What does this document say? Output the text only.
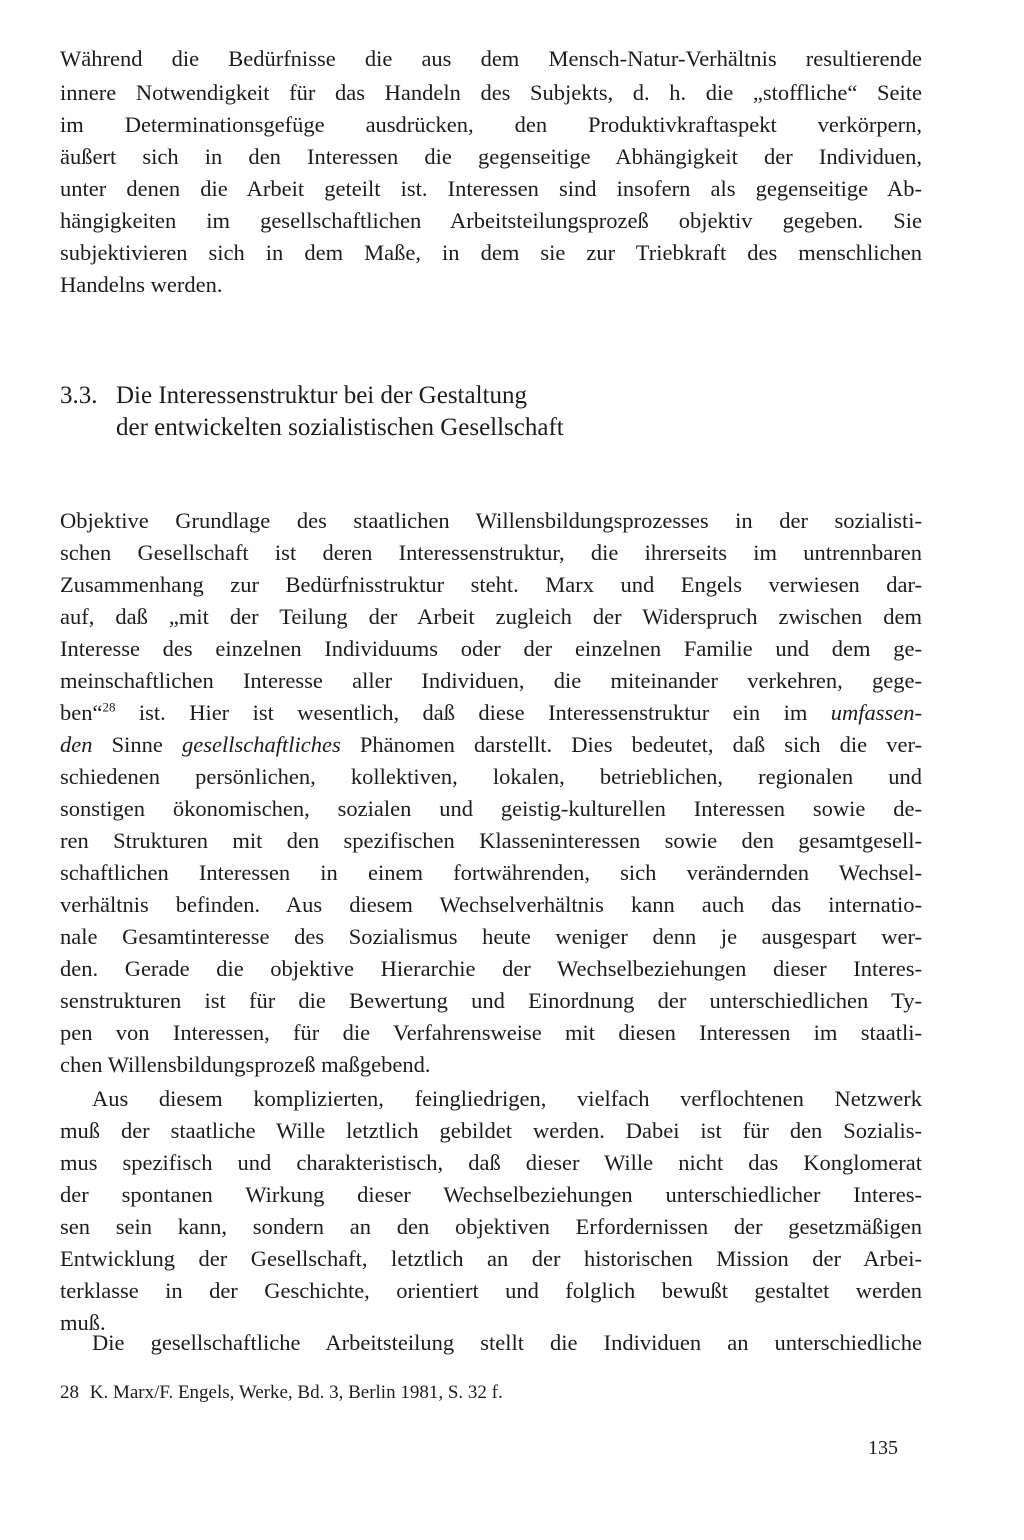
Während die Bedürfnisse die aus dem Mensch-Natur-Verhältnis resultierende
innere Notwendigkeit für das Handeln des Subjekts, d. h. die „stoffliche“ Seite
im Determinationsgefüge ausdrücken, den Produktivkraftaspekt verkörpern,
äußert sich in den Interessen die gegenseitige Abhängigkeit der Individuen,
unter denen die Arbeit geteilt ist. Interessen sind insofern als gegenseitige Ab-
hängigkeiten im gesellschaftlichen Arbeitsteilungsprozeß objektiv gegeben. Sie
subjektivieren sich in dem Maße, in dem sie zur Triebkraft des menschlichen
Handelns werden.
3.3. Die Interessenstruktur bei der Gestaltung
der entwickelten sozialistischen Gesellschaft
Objektive Grundlage des staatlichen Willensbildungsprozesses in der sozialisti-
schen Gesellschaft ist deren Interessenstruktur, die ihrerseits im untrennbaren
Zusammenhang zur Bedürfnisstruktur steht. Marx und Engels verwiesen dar-
auf, daß „mit der Teilung der Arbeit zugleich der Widerspruch zwischen dem
Interesse des einzelnen Individuums oder der einzelnen Familie und dem ge-
meinschaftlichen Interesse aller Individuen, die miteinander verkehren, gege-
ben“$^{28}$ ist. Hier ist wesentlich, daß diese Interessenstruktur ein im umfassen-
den Sinne gesellschaftliches Phänomen darstellt. Dies bedeutet, daß sich die ver-
schiedenen persönlichen, kollektiven, lokalen, betrieblichen, regionalen und
sonstigen ökonomischen, sozialen und geistig-kulturellen Interessen sowie de-
ren Strukturen mit den spezifischen Klasseninteressen sowie den gesamtgesell-
schaftlichen Interessen in einem fortwährenden, sich verändernden Wechsel-
verhältnis befinden. Aus diesem Wechselverhältnis kann auch das internatio-
nale Gesamtinteresse des Sozialismus heute weniger denn je ausgespart wer-
den. Gerade die objektive Hierarchie der Wechselbeziehungen dieser Interes-
senstrukturen ist für die Bewertung und Einordnung der unterschiedlichen Ty-
pen von Interessen, für die Verfahrensweise mit diesen Interessen im staatli-
chen Willensbildungsprozeß maßgebend.
Aus diesem komplizierten, feingliedrigen, vielfach verflochtenen Netzwerk
muß der staatliche Wille letztlich gebildet werden. Dabei ist für den Sozialis-
mus spezifisch und charakteristisch, daß dieser Wille nicht das Konglomerat
der spontanen Wirkung dieser Wechselbeziehungen unterschiedlicher Interes-
sen sein kann, sondern an den objektiven Erfordernissen der gesetzmäßigen
Entwicklung der Gesellschaft, letztlich an der historischen Mission der Arbei-
terklasse in der Geschichte, orientiert und folglich bewußt gestaltet werden
muß.
Die gesellschaftliche Arbeitsteilung stellt die Individuen an unterschiedliche
28 K. Marx/F. Engels, Werke, Bd. 3, Berlin 1981, S. 32 f.
135
